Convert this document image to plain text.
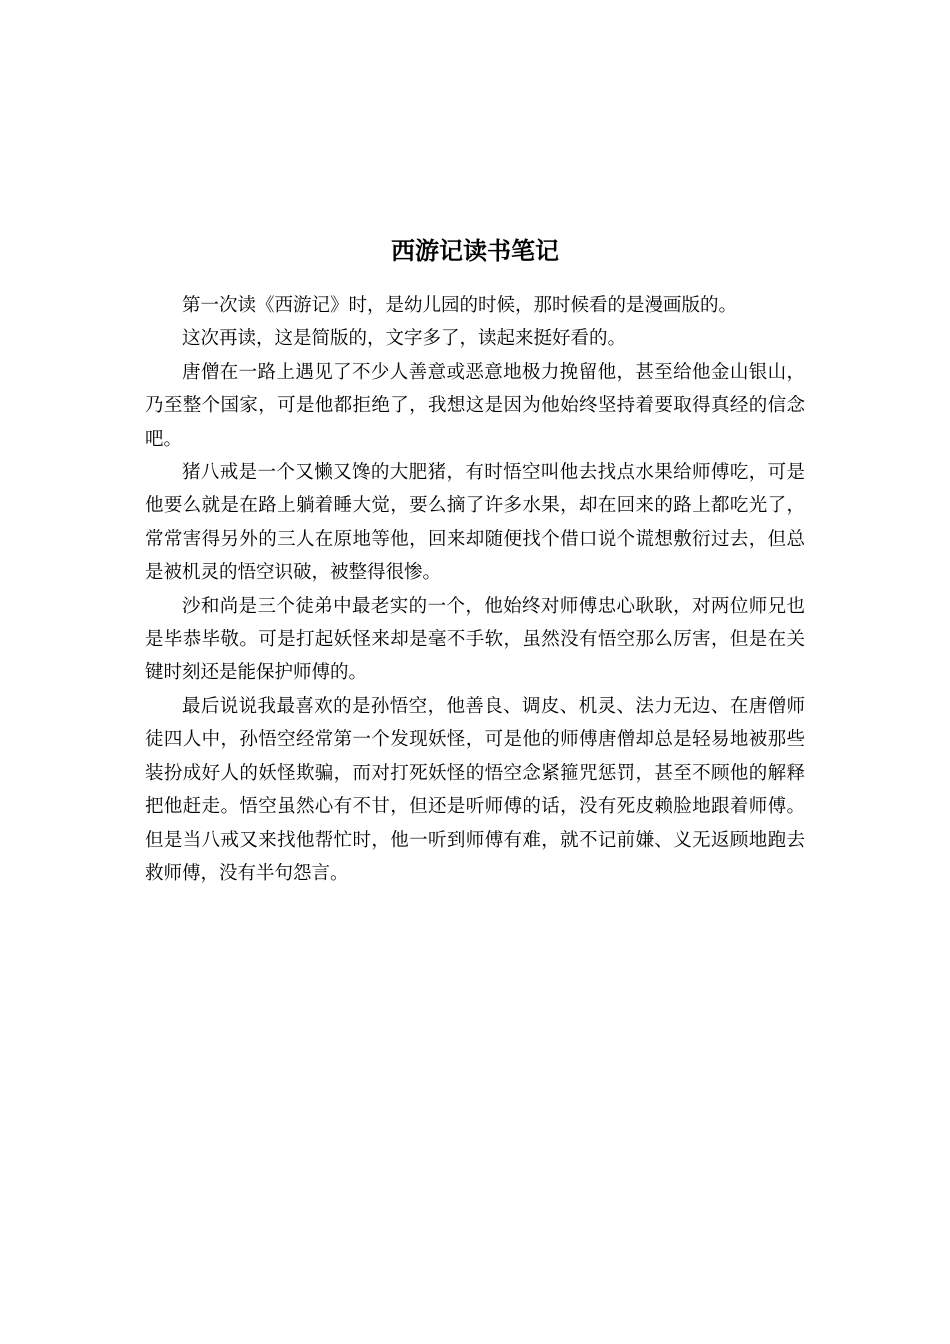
西游记读书笔记

第一次读《西游记》时，是幼儿园的时候，那时候看的是漫画版的。

这次再读，这是简版的，文字多了，读起来挺好看的。

唐僧在一路上遇见了不少人善意或恶意地极力挽留他，甚至给他金山银山，乃至整个国家，可是他都拒绝了，我想这是因为他始终坚持着要取得真经的信念吧。

猪八戒是一个又懒又馋的大肥猪，有时悟空叫他去找点水果给师傅吃，可是他要么就是在路上躺着睡大觉，要么摘了许多水果，却在回来的路上都吃光了，常常害得另外的三人在原地等他，回来却随便找个借口说个谎想敷衍过去，但总是被机灵的悟空识破，被整得很惨。

沙和尚是三个徒弟中最老实的一个，他始终对师傅忠心耿耿，对两位师兄也是毕恭毕敬。可是打起妖怪来却是毫不手软，虽然没有悟空那么厉害，但是在关键时刻还是能保护师傅的。

最后说说我最喜欢的是孙悟空，他善良、调皮、机灵、法力无边、在唐僧师徒四人中，孙悟空经常第一个发现妖怪，可是他的师傅唐僧却总是轻易地被那些装扮成好人的妖怪欺骗，而对打死妖怪的悟空念紧箍咒惩罚，甚至不顾他的解释把他赶走。悟空虽然心有不甘，但还是听师傅的话，没有死皮赖脸地跟着师傅。但是当八戒又来找他帮忙时，他一听到师傅有难，就不记前嫌、义无返顾地跑去救师傅，没有半句怨言。
